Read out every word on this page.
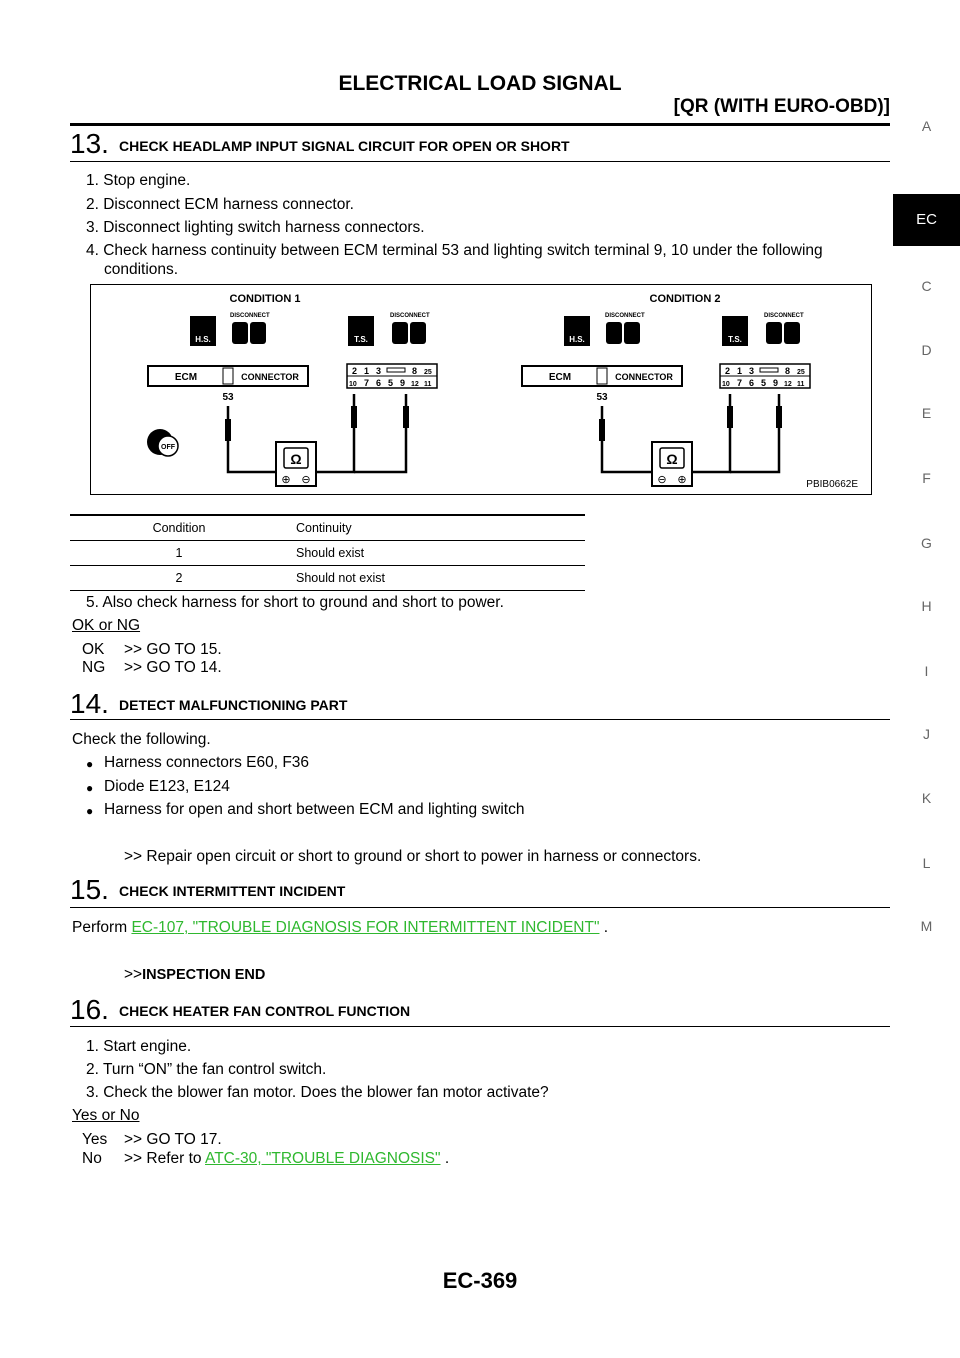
ELECTRICAL LOAD SIGNAL
[QR (WITH EURO-OBD)]
A
EC
C
D
E
F
G
H
I
J
K
L
M
13. CHECK HEADLAMP INPUT SIGNAL CIRCUIT FOR OPEN OR SHORT
1. Stop engine.
2. Disconnect ECM harness connector.
3. Disconnect lighting switch harness connectors.
4. Check harness continuity between ECM terminal 53 and lighting switch terminal 9, 10 under the following
conditions.
CONDITION 1	CONDITION 2
H.S.
DISCONNECT
T.S.
DISCONNECT
ECM	CONNECTOR
53
2 1 3	8 25
10 7 6 5 9 12 11
OFF
Ω
⊕ ⊖
H.S.
DISCONNECT
T.S.
DISCONNECT
ECM	CONNECTOR
53
2 1 3	8 25
10 7 6 5 9 12 11
Ω
⊖ ⊕	PBIB0662E
Condition	Continuity
1	Should exist
2	Should not exist
5. Also check harness for short to ground and short to power.
OK or NG
OK >> GO TO 15.
NG >> GO TO 14.
14. DETECT MALFUNCTIONING PART
Check the following.
● Harness connectors E60, F36
● Diode E123, E124
● Harness for open and short between ECM and lighting switch
>> Repair open circuit or short to ground or short to power in harness or connectors.
15. CHECK INTERMITTENT INCIDENT
Perform EC-107, "TROUBLE DIAGNOSIS FOR INTERMITTENT INCIDENT" .
>>INSPECTION END
16. CHECK HEATER FAN CONTROL FUNCTION
1. Start engine.
2. Turn “ON” the fan control switch.
3. Check the blower fan motor. Does the blower fan motor activate?
Yes or No
Yes >> GO TO 17.
No >> Refer to ATC-30, "TROUBLE DIAGNOSIS" .
EC-369
